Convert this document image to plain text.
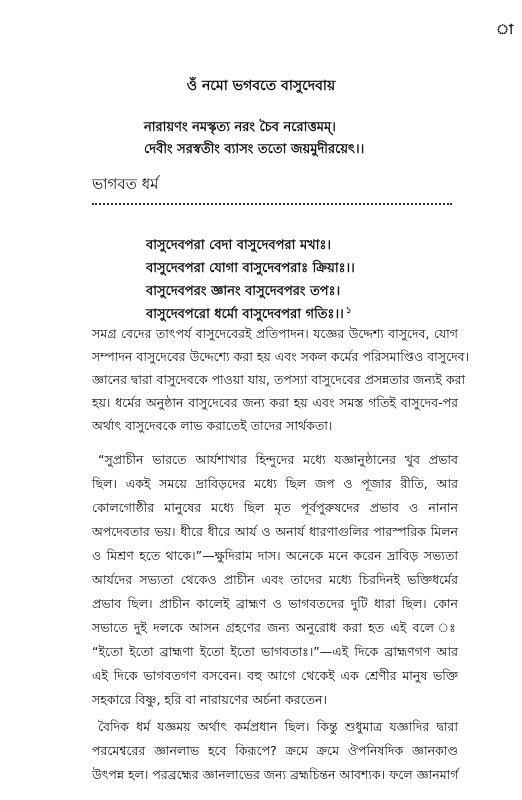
া
ওঁ নমো ভগবতে বাসুদেবায়
নারায়ণং নমস্কৃত্য নরং চৈব নরোত্তমম্।
দেবীং সরস্বতীং ব্যাসং ততো জয়মুদীরয়েৎ।।
ভাগবত ধর্ম
বাসুদেবপরা বেদা বাসুদেবপরা মখাঃ।
বাসুদেবপরা যোগা বাসুদেবপরাঃ ক্রিয়াঃ।।
বাসুদেবপরং জ্ঞানং বাসুদেবপরং তপঃ।
বাসুদেবপরো ধর্মো বাসুদেবপরা গতিঃ।। $^১$
সমগ্র বেদের তাৎপর্য বাসুদেবেরই প্রতিপাদন। যজ্ঞের উদ্দেশ্য বাসুদেব, যোগ
সম্পাদন বাসুদেবের উদ্দেশ্যে করা হয় এবং সকল কর্মের পরিসমাপ্তিও বাসুদেব।
জ্ঞানের দ্বারা বাসুদেবকে পাওয়া যায়, তপস্যা বাসুদেবের প্রসন্নতার জন্যই করা
হয়। ধর্মের অনুষ্ঠান বাসুদেবের জন্য করা হয় এবং সমস্ত গতিই বাসুদেব-পর
অর্থাৎ বাসুদেবকে লাভ করাতেই তাদের সার্থকতা।
“সুপ্রাচীন ভারতে আর্যশাখার হিন্দুদের মধ্যে যজ্ঞানুষ্ঠানের খুব প্রভাব
ছিল। একই সময়ে দ্রাবিড়দের মধ্যে ছিল জপ ও পূজার রীতি, আর
কোলগোষ্ঠীর মানুষের মধ্যে ছিল মৃত পূর্বপুরুষদের প্রভাব ও নানান
অপদেবতার ভয়। ধীরে ধীরে আর্য ও অনার্য ধারণাগুলির পারস্পরিক মিলন
ও মিশ্রণ হতে থাকে।”—ক্ষুদিরাম দাস। অনেকে মনে করেন দ্রাবিড় সভ্যতা
আর্যদের সভ্যতা থেকেও প্রাচীন এবং তাদের মধ্যে চিরদিনই ভক্তিধর্মের
প্রভাব ছিল। প্রাচীন কালেই ব্রাহ্মণ ও ভাগবতদের দুটি ধারা ছিল। কোন
সভাতে দুই দলকে আসন গ্রহণের জন্য অনুরোধ করা হত এই বলে ঃ
“ইতো ইতো ব্রাহ্মণা ইতো ইতো ভাগবতাঃ।”—এই দিকে ব্রাহ্মণগণ আর
এই দিকে ভাগবতগণ বসবেন। বহু আগে থেকেই এক শ্রেণীর মানুষ ভক্তি
সহকারে বিষ্ণু, হরি বা নারায়ণের অর্চনা করতেন।
বৈদিক ধর্ম যজ্ঞময় অর্থাৎ কর্মপ্রধান ছিল। কিন্তু শুধুমাত্র যজ্ঞাদির দ্বারা
পরমেশ্বরের জ্ঞানলাভ হবে কিরূপে? ক্রমে ক্রমে ঔপনিষদিক জ্ঞানকাণ্ড
উৎপন্ন হল। পরব্রহ্মের জ্ঞানলাভের জন্য ব্রহ্মচিন্তন আবশ্যক। ফলে জ্ঞানমার্গ
